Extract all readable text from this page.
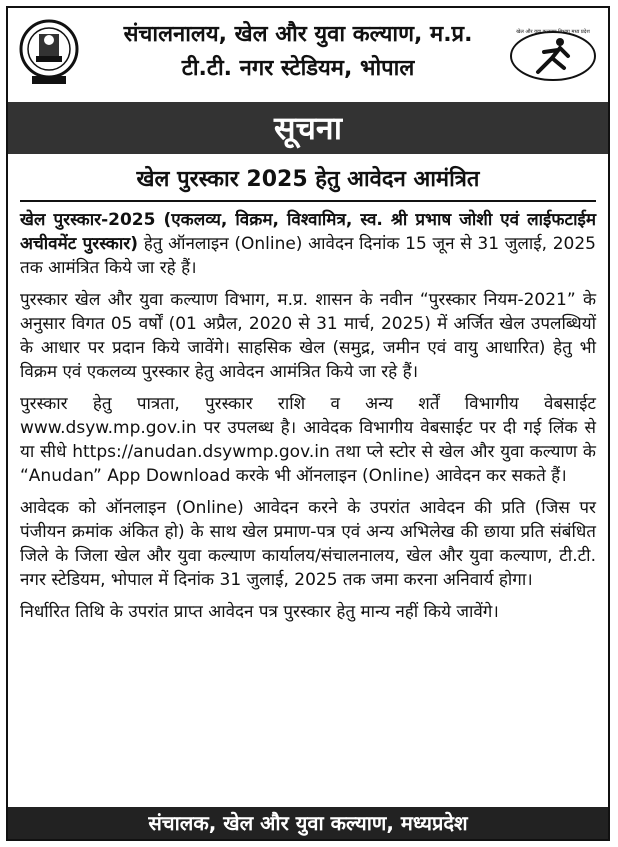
संचालनालय, खेल और युवा कल्याण, म.प्र.
टी.टी. नगर स्टेडियम, भोपाल
खेल और युवा कल्याण विभाग मध्य प्रदेश
सूचना
खेल पुरस्कार 2025 हेतु आवेदन आमंत्रित

खेल पुरस्कार-2025 (एकलव्य, विक्रम, विश्वामित्र, स्व. श्री प्रभाष जोशी एवं लाईफटाईम अचीवमेंट पुरस्कार) हेतु ऑनलाइन (Online) आवेदन दिनांक 15 जून से 31 जुलाई, 2025 तक आमंत्रित किये जा रहे हैं।

पुरस्कार खेल और युवा कल्याण विभाग, म.प्र. शासन के नवीन “पुरस्कार नियम-2021” के अनुसार विगत 05 वर्षों (01 अप्रैल, 2020 से 31 मार्च, 2025) में अर्जित खेल उपलब्धियों के आधार पर प्रदान किये जावेंगे। साहसिक खेल (समुद्र, जमीन एवं वायु आधारित) हेतु भी विक्रम एवं एकलव्य पुरस्कार हेतु आवेदन आमंत्रित किये जा रहे हैं।

पुरस्कार हेतु पात्रता, पुरस्कार राशि व अन्य शर्तें विभागीय वेबसाईट www.dsyw.mp.gov.in पर उपलब्ध है। आवेदक विभागीय वेबसाईट पर दी गई लिंक से या सीधे https://anudan.dsywmp.gov.in तथा प्ले स्टोर से खेल और युवा कल्याण के “Anudan” App Download करके भी ऑनलाइन (Online) आवेदन कर सकते हैं।

आवेदक को ऑनलाइन (Online) आवेदन करने के उपरांत आवेदन की प्रति (जिस पर पंजीयन क्रमांक अंकित हो) के साथ खेल प्रमाण-पत्र एवं अन्य अभिलेख की छाया प्रति संबंधित जिले के जिला खेल और युवा कल्याण कार्यालय/संचालनालय, खेल और युवा कल्याण, टी.टी. नगर स्टेडियम, भोपाल में दिनांक 31 जुलाई, 2025 तक जमा करना अनिवार्य होगा।

निर्धारित तिथि के उपरांत प्राप्त आवेदन पत्र पुरस्कार हेतु मान्य नहीं किये जावेंगे।

संचालक, खेल और युवा कल्याण, मध्यप्रदेश
